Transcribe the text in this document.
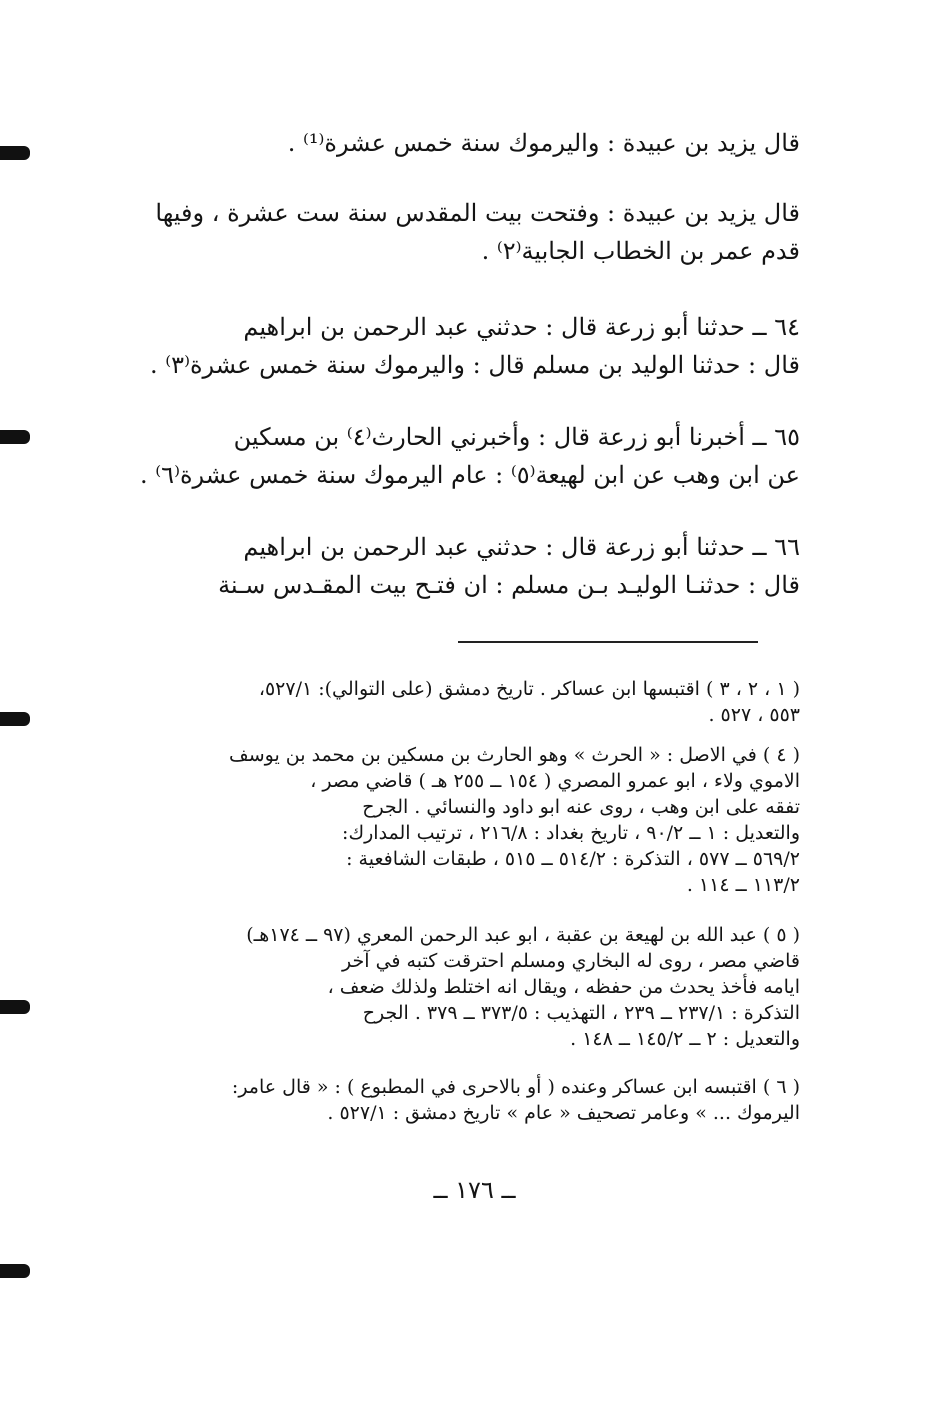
قال يزيد بن عبيدة : واليرموك سنة خمس عشرة⁽¹⁾ .
قال يزيد بن عبيدة : وفتحت بيت المقدس سنة ست عشرة ، وفيها
قدم عمر بن الخطاب الجابية⁽٢⁾ .
٦٤ ــ حدثنا أبو زرعة قال : حدثني عبد الرحمن بن ابراهيم
قال : حدثنا الوليد بن مسلم قال : واليرموك سنة خمس عشرة⁽٣⁾ .
٦٥ ــ أخبرنا أبو زرعة قال : وأخبرني الحارث⁽٤⁾ بن مسكين
عن ابن وهب عن ابن لهيعة⁽٥⁾ : عام اليرموك سنة خمس عشرة⁽٦⁾ .
٦٦ ــ حدثنا أبو زرعة قال : حدثني عبد الرحمن بن ابراهيم
قال : حدثنـا الوليـد بـن مسلم : ان فتـح بيت المقـدس سـنة
( ١ ، ٢ ، ٣ ) اقتبسها ابن عساكر . تاريخ دمشق (على التوالي): ٥٢٧/١،
٥٥٣ ، ٥٢٧ .
( ٤ ) في الاصل : « الحرث » وهو الحارث بن مسكين بن محمد بن يوسف
الاموي ولاء ، ابو عمرو المصري ( ١٥٤ ــ ٢٥٥ هـ ) قاضي مصر ،
تفقه على ابن وهب ، روى عنه ابو داود والنسائي . الجرح
والتعديل : ١ ــ ٩٠/٢ ، تاريخ بغداد : ٢١٦/٨ ، ترتيب المدارك:
٥٦٩/٢ ــ ٥٧٧ ، التذكرة : ٥١٤/٢ ــ ٥١٥ ، طبقات الشافعية :
١١٣/٢ ــ ١١٤ .
( ٥ ) عبد الله بن لهيعة بن عقبة ، ابو عبد الرحمن المعري (٩٧ ــ ١٧٤هـ)
قاضي مصر ، روى له البخاري ومسلم احترقت كتبه في آخر
ايامه فأخذ يحدث من حفظه ، ويقال انه اختلط ولذلك ضعف ،
التذكرة : ٢٣٧/١ ــ ٢٣٩ ، التهذيب : ٣٧٣/٥ ــ ٣٧٩ . الجرح
والتعديل : ٢ ــ ١٤٥/٢ ــ ١٤٨ .
( ٦ ) اقتبسه ابن عساكر وعنده ( أو بالاحرى في المطبوع ) : « قال عامر:
اليرموك ... » وعامر تصحيف « عام » تاريخ دمشق : ٥٢٧/١ .
ــ ١٧٦ ــ
